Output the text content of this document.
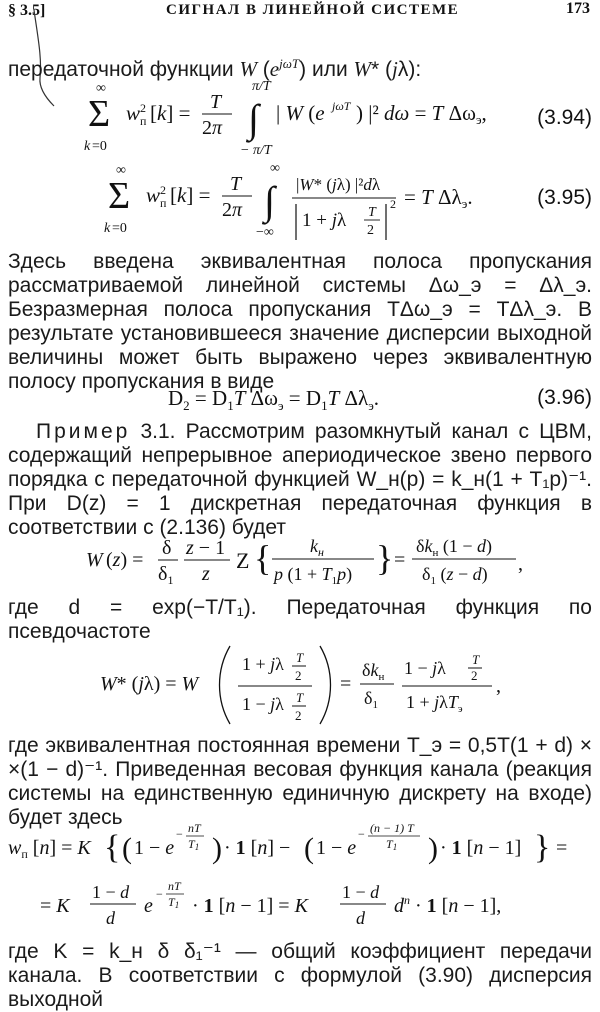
§ 3.5]	СИГНАЛ В ЛИНЕЙНОЙ СИСТЕМЕ	173
передаточной функции W $(e^{j\omega T})$ или W* (jλ):
∞
Σ
k =0
w 2
п [k] = T
2π
π/T
∫
− π/T
| W (e jωT ) |² dω = T Δωэ, (3.94)
∞
Σ
k =0
w 2
п [k] = T
2π
∞
∫
−∞
|W* (jλ) |²dλ
1 + jλ T
2
2 = T Δλэ.	(3.95)
Здесь введена эквивалентная полоса пропускания рассматриваемой линейной системы Δω_э = Δλ_э. Безразмерная полоса пропускания TΔω_э = TΔλ_э. В результате установившееся значение дисперсии выходной величины может быть выражено через эквивалентную полосу пропускания в виде
$D_2 = D_1T$ $\Delta\omega_э = D_1T$ $\Delta\lambda_э$.	(3.96)
Пример 3.1. Рассмотрим разомкнутый канал с ЦВМ, содержащий непрерывное апериодическое звено первого порядка с передаточной функцией W_н(p) = k_н(1 + T₁p)⁻¹. При D(z) = 1 дискретная передаточная функция в соответствии с (2.136) будет
W (z) =
δ
$\delta_1$
z − 1
z
Z { $k_н$
p $(1 + T_1p)$ } =
$\delta k_н$ (1 − d)
$\delta_1$ (z − d) ,
где d = exp(−T/T₁). Передаточная функция по псевдочастоте
W* (jλ) = W
1 + jλ T
2
1 − jλ T
2
=
$\delta k_н$
$\delta_1$
1 − jλ T
2
1 + jλT$_э$
,
где эквивалентная постоянная времени T_э = 0,5T(1 + d) × ×(1 − d)⁻¹. Приведенная весовая функция канала (реакция системы на единственную единичную дискрету на входе) будет здесь
$w_п$ [n] = K { ( 1 − e
− nT
T1 ) · 1 [n] − ( 1 − e
− (n − 1) T
T1 ) · 1 [n − 1] } =
= K
1 − d
d
e
−
nT
T1 · 1 [n − 1] = K
1 − d
d
$d^n \cdot 1$ [n − 1],
где K = k_н δ δ₁⁻¹ — общий коэффициент передачи канала. В соответствии с формулой (3.90) дисперсия выходной
